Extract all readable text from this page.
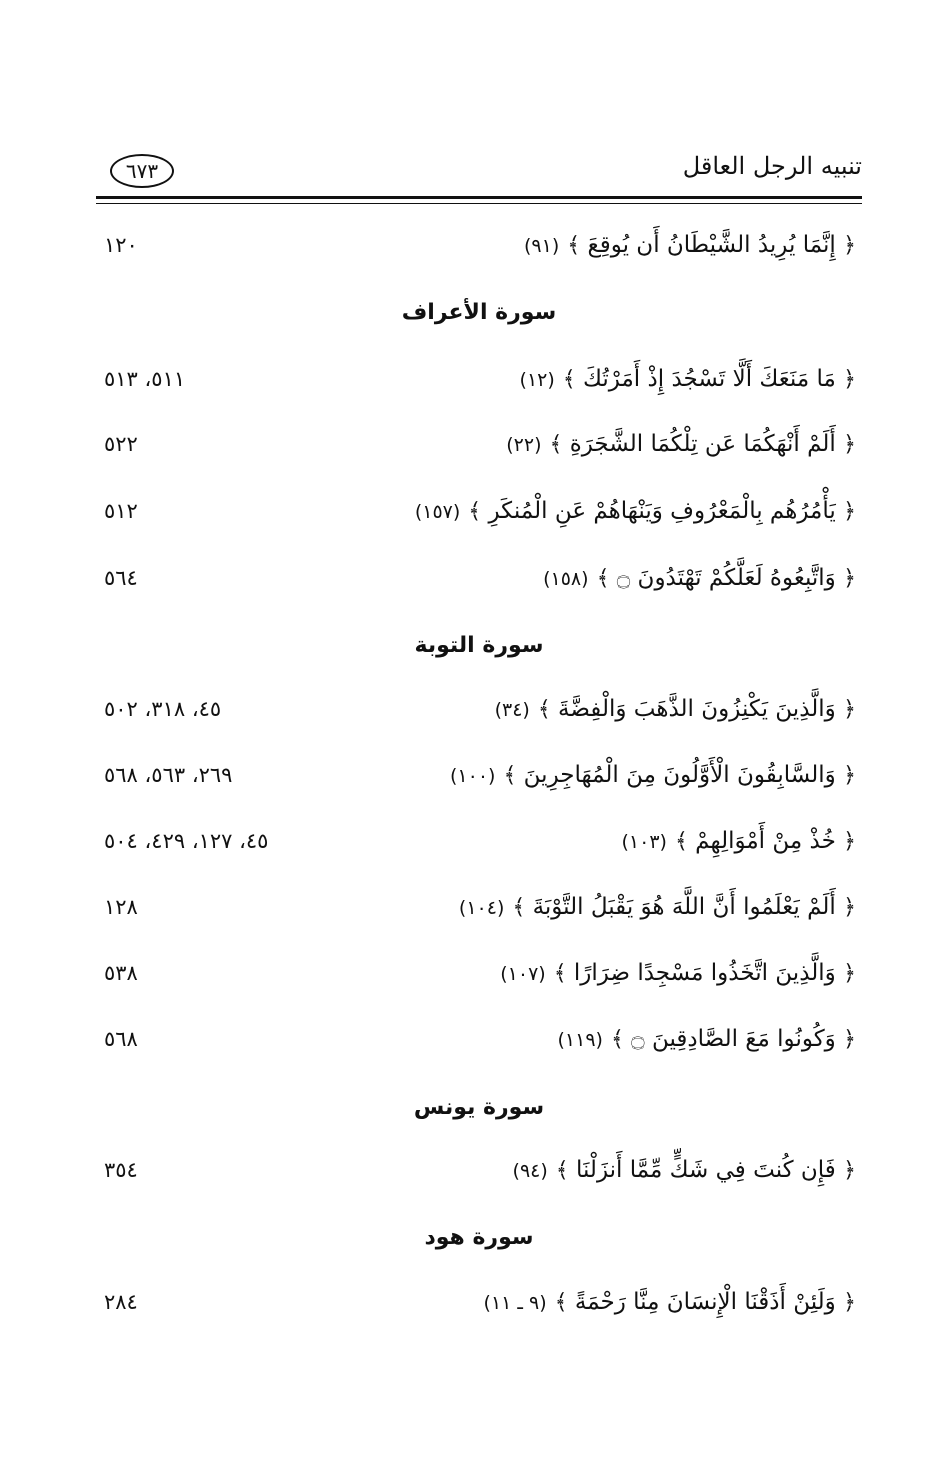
تنبيه الرجل العاقل
٦٧٣
﴿ إِنَّمَا يُرِيدُ الشَّيْطَانُ أَن يُوقِعَ ﴾(٩١)
١٢٠
سورة الأعراف
﴿ مَا مَنَعَكَ أَلَّا تَسْجُدَ إِذْ أَمَرْتُكَ ﴾(١٢)
٥١١، ٥١٣
﴿ أَلَمْ أَنْهَكُمَا عَن تِلْكُمَا الشَّجَرَةِ ﴾(٢٢)
٥٢٢
﴿ يَأْمُرُهُم بِالْمَعْرُوفِ وَيَنْهَاهُمْ عَنِ الْمُنكَرِ ﴾(١٥٧)
٥١٢
﴿ وَاتَّبِعُوهُ لَعَلَّكُمْ تَهْتَدُونَ ۝ ﴾(١٥٨)
٥٦٤
سورة التوبة
﴿ وَالَّذِينَ يَكْنِزُونَ الذَّهَبَ وَالْفِضَّةَ ﴾(٣٤)
٤٥، ٣١٨، ٥٠٢
﴿ وَالسَّابِقُونَ الْأَوَّلُونَ مِنَ الْمُهَاجِرِينَ ﴾(١٠٠)
٢٦٩، ٥٦٣، ٥٦٨
﴿ خُذْ مِنْ أَمْوَالِهِمْ ﴾(١٠٣)
٤٥، ١٢٧، ٤٢٩، ٥٠٤
﴿ أَلَمْ يَعْلَمُوا أَنَّ اللَّهَ هُوَ يَقْبَلُ التَّوْبَةَ ﴾(١٠٤)
١٢٨
﴿ وَالَّذِينَ اتَّخَذُوا مَسْجِدًا ضِرَارًا ﴾(١٠٧)
٥٣٨
﴿ وَكُونُوا مَعَ الصَّادِقِينَ ۝ ﴾(١١٩)
٥٦٨
سورة يونس
﴿ فَإِن كُنتَ فِي شَكٍّ مِّمَّا أَنزَلْنَا ﴾(٩٤)
٣٥٤
سورة هود
﴿ وَلَئِنْ أَذَقْنَا الْإِنسَانَ مِنَّا رَحْمَةً ﴾(٩ ـ ١١)
٢٨٤
